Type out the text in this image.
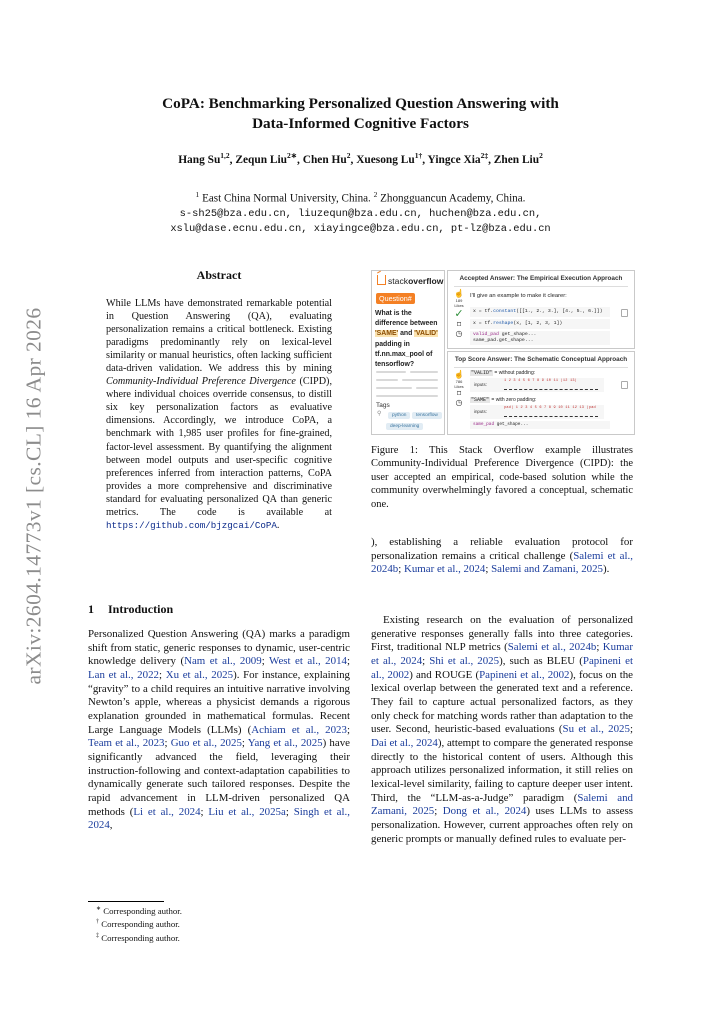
arXiv:2604.14773v1 [cs.CL] 16 Apr 2026
CoPA: Benchmarking Personalized Question Answering with
Data-Informed Cognitive Factors
Hang Su$^{1,2}$, Zequn Liu$^{2∗}$, Chen Hu$^2$, Xuesong $Lu^{1\dagger}$, Yingce Xia$^{2\ddagger}$, Zhen Liu$^2$
$^1$ East China Normal University, China. $^2$ Zhongguancun Academy, China.
s-sh25@bza.edu.cn, liuzequn@bza.edu.cn, huchen@bza.edu.cn,
xslu@dase.ecnu.edu.cn, xiayingce@bza.edu.cn, pt-lz@bza.edu.cn
Abstract
While LLMs have demonstrated remarkable potential in Question Answering (QA), evaluating personalization remains a critical bottleneck. Existing paradigms predominantly rely on lexical-level similarity or manual heuristics, often lacking sufficient data-driven validation. We address this by mining Community-Individual Preference Divergence (CIPD), where individual choices override consensus, to distill six key personalization factors as evaluative dimensions. Accordingly, we introduce CoPA, a benchmark with 1,985 user profiles for fine-grained, factor-level assessment. By quantifying the alignment between model outputs and user-specific cognitive preferences inferred from interaction patterns, CoPA provides a more comprehensive and discriminative standard for evaluating personalized QA than generic metrics. The code is available at https://github.com/bjzgcai/CoPA.
1 Introduction
Personalized Question Answering (QA) marks a paradigm shift from static, generic responses to dynamic, user-centric knowledge delivery (Nam et al., 2009; West et al., 2014; Lan et al., 2022; Xu et al., 2025). For instance, explaining “gravity” to a child requires an intuitive narrative involving Newton’s apple, whereas a physicist demands a rigorous explanation grounded in mathematical formulas. Recent Large Language Models (LLMs) (Achiam et al., 2023; Team et al., 2023; Guo et al., 2025; Yang et al., 2025) have significantly advanced the field, leveraging their instruction-following and context-adaptation capabilities to dynamically generate such tailored responses. Despite the rapid advancement in LLM-driven personalized QA methods (Li et al., 2024; Liu et al., 2025a; Singh et al., 2024,
), establishing a reliable evaluation protocol for personalization remains a critical challenge (Salemi et al., 2024b; Kumar et al., 2024; Salemi and Zamani, 2025).
Existing research on the evaluation of personalized generative responses generally falls into three categories. First, traditional NLP metrics (Salemi et al., 2024b; Kumar et al., 2024; Shi et al., 2025), such as BLEU (Papineni et al., 2002) and ROUGE (Papineni et al., 2002), focus on the lexical overlap between the generated text and a reference. They fail to capture actual personalized factors, as they only check for matching words rather than adaptation to the user. Second, heuristic-based evaluations (Su et al., 2025; Dai et al., 2024), attempt to compare the generated response directly to the historical content of users. Although this approach utilizes personalized information, it still relies on lexical-level similarity, failing to capture deeper user intent. Third, the “LLM-as-a-Judge” paradigm (Salemi and Zamani, 2025; Dong et al., 2024) uses LLMs to assess personalization. However, current approaches often rely on generic prompts or manually defined rules to evaluate per-
∗ Corresponding author.
† Corresponding author.
‡ Corresponding author.
stackoverflow
Question#
What is the difference between 'SAME' and 'VALID' padding in tf.nn.max_pool of tensorflow?
Tags
python	tensorflow
deep-learning
⚲
Accepted Answer: The Empirical Execution Approach
☝
189 Likes
✓
⌑
◷
I'll give an example to make it clearer:
x = tf.constant([[1., 2., 3.], [4., 5., 6.]])
x = tf.reshape(x, [1, 2, 3, 1])
valid_pad get_shape...
same_pad.get_shape...
Top Score Answer: The Schematic Conceptual Approach
☝
786 Likes
⌑
◷
"VALID" = without padding:
inputs:
1 2 3 4 5 6 7 8 9 10 11 |12 13|
"SAME" = with zero padding:
inputs:
pad| 1 2 3 4 5 6 7 8 9 10 11 12 13 |pad
same_pad get_shape...
Figure 1: This Stack Overflow example illustrates Community-Individual Preference Divergence (CIPD): the user accepted an empirical, code-based solution while the community overwhelmingly favored a conceptual, schematic one.
